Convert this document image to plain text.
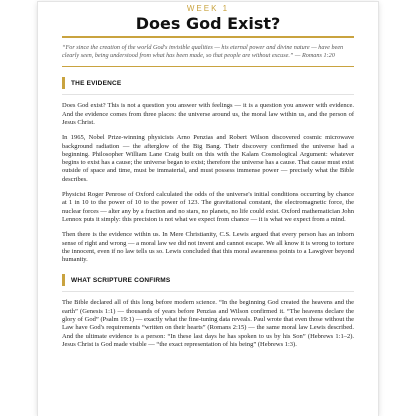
WEEK 1
Does God Exist?
“For since the creation of the world God's invisible qualities — his eternal power and divine nature — have been clearly seen, being understood from what has been made, so that people are without excuse.” — Romans 1:20
THE EVIDENCE

Does God exist? This is not a question you answer with feelings — it is a question you answer with evidence. And the evidence comes from three places: the universe around us, the moral law within us, and the person of Jesus Christ.

In 1965, Nobel Prize-winning physicists Arno Penzias and Robert Wilson discovered cosmic microwave background radiation — the afterglow of the Big Bang. Their discovery confirmed the universe had a beginning. Philosopher William Lane Craig built on this with the Kalam Cosmological Argument: whatever begins to exist has a cause; the universe began to exist; therefore the universe has a cause. That cause must exist outside of space and time, must be immaterial, and must possess immense power — precisely what the Bible describes.

Physicist Roger Penrose of Oxford calculated the odds of the universe's initial conditions occurring by chance at 1 in 10 to the power of 10 to the power of 123. The gravitational constant, the electromagnetic force, the nuclear forces — alter any by a fraction and no stars, no planets, no life could exist. Oxford mathematician John Lennox puts it simply: this precision is not what we expect from chance — it is what we expect from a mind.

Then there is the evidence within us. In Mere Christianity, C.S. Lewis argued that every person has an inborn sense of right and wrong — a moral law we did not invent and cannot escape. We all know it is wrong to torture the innocent, even if no law tells us so. Lewis concluded that this moral awareness points to a Lawgiver beyond humanity.

WHAT SCRIPTURE CONFIRMS

The Bible declared all of this long before modern science. “In the beginning God created the heavens and the earth” (Genesis 1:1) — thousands of years before Penzias and Wilson confirmed it. “The heavens declare the glory of God” (Psalm 19:1) — exactly what the fine-tuning data reveals. Paul wrote that even those without the Law have God's requirements “written on their hearts” (Romans 2:15) — the same moral law Lewis described. And the ultimate evidence is a person: “In these last days he has spoken to us by his Son” (Hebrews 1:1–2). Jesus Christ is God made visible — “the exact representation of his being” (Hebrews 1:3).
